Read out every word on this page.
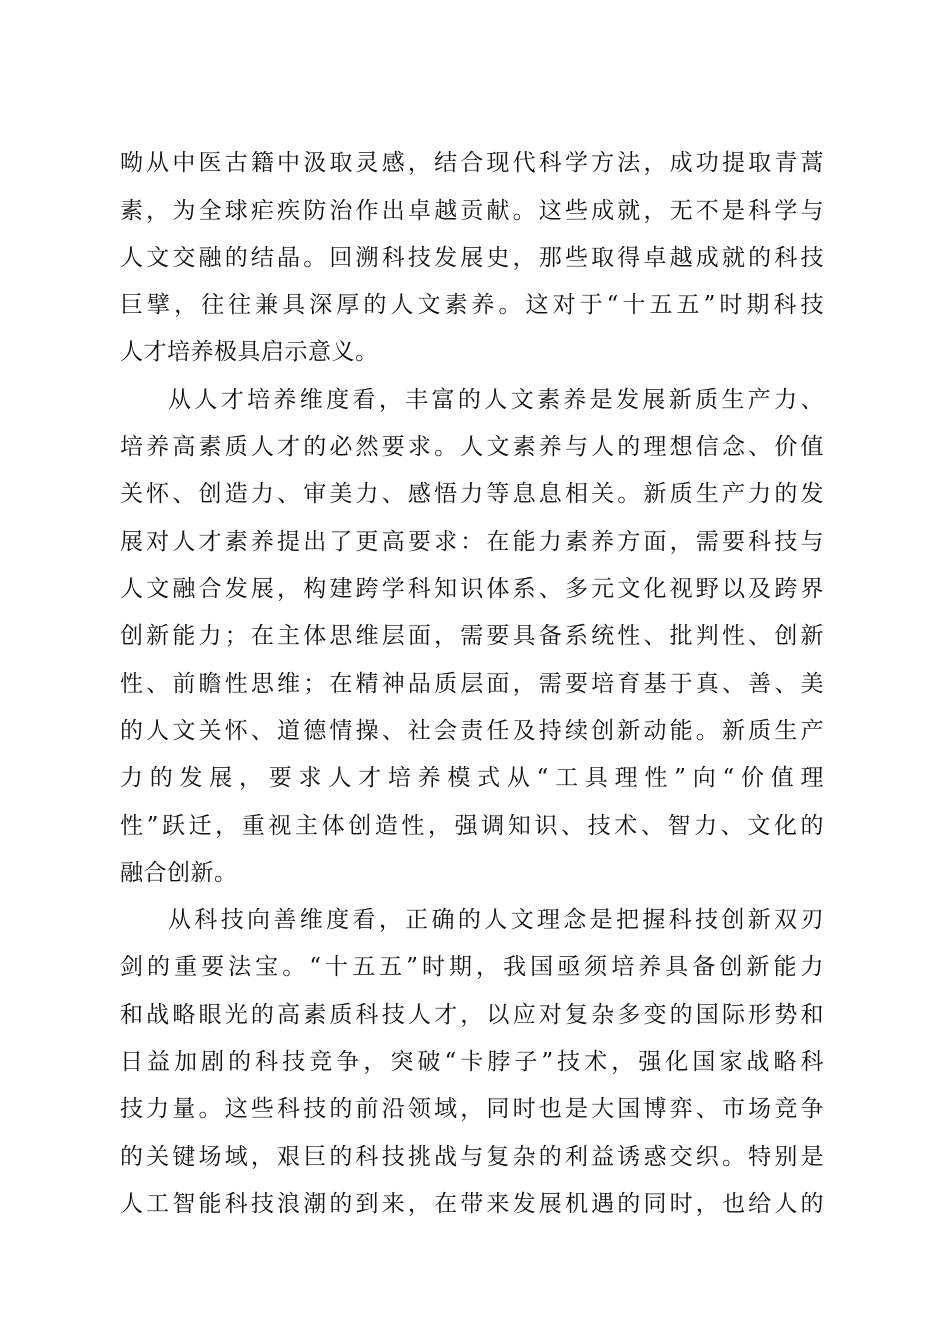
呦从中医古籍中汲取灵感，结合现代科学方法，成功提取青蒿
素，为全球疟疾防治作出卓越贡献。这些成就，无不是科学与
人文交融的结晶。回溯科技发展史，那些取得卓越成就的科技
巨擘，往往兼具深厚的人文素养。这对于“十五五”时期科技
人才培养极具启示意义。
从人才培养维度看，丰富的人文素养是发展新质生产力、
培养高素质人才的必然要求。人文素养与人的理想信念、价值
关怀、创造力、审美力、感悟力等息息相关。新质生产力的发
展对人才素养提出了更高要求：在能力素养方面，需要科技与
人文融合发展，构建跨学科知识体系、多元文化视野以及跨界
创新能力；在主体思维层面，需要具备系统性、批判性、创新
性、前瞻性思维；在精神品质层面，需要培育基于真、善、美
的人文关怀、道德情操、社会责任及持续创新动能。新质生产
力的发展，要求人才培养模式从“工具理性”向“价值理
性”跃迁，重视主体创造性，强调知识、技术、智力、文化的
融合创新。
从科技向善维度看，正确的人文理念是把握科技创新双刃
剑的重要法宝。“十五五”时期，我国亟须培养具备创新能力
和战略眼光的高素质科技人才，以应对复杂多变的国际形势和
日益加剧的科技竞争，突破“卡脖子”技术，强化国家战略科
技力量。这些科技的前沿领域，同时也是大国博弈、市场竞争
的关键场域，艰巨的科技挑战与复杂的利益诱惑交织。特别是
人工智能科技浪潮的到来，在带来发展机遇的同时，也给人的
